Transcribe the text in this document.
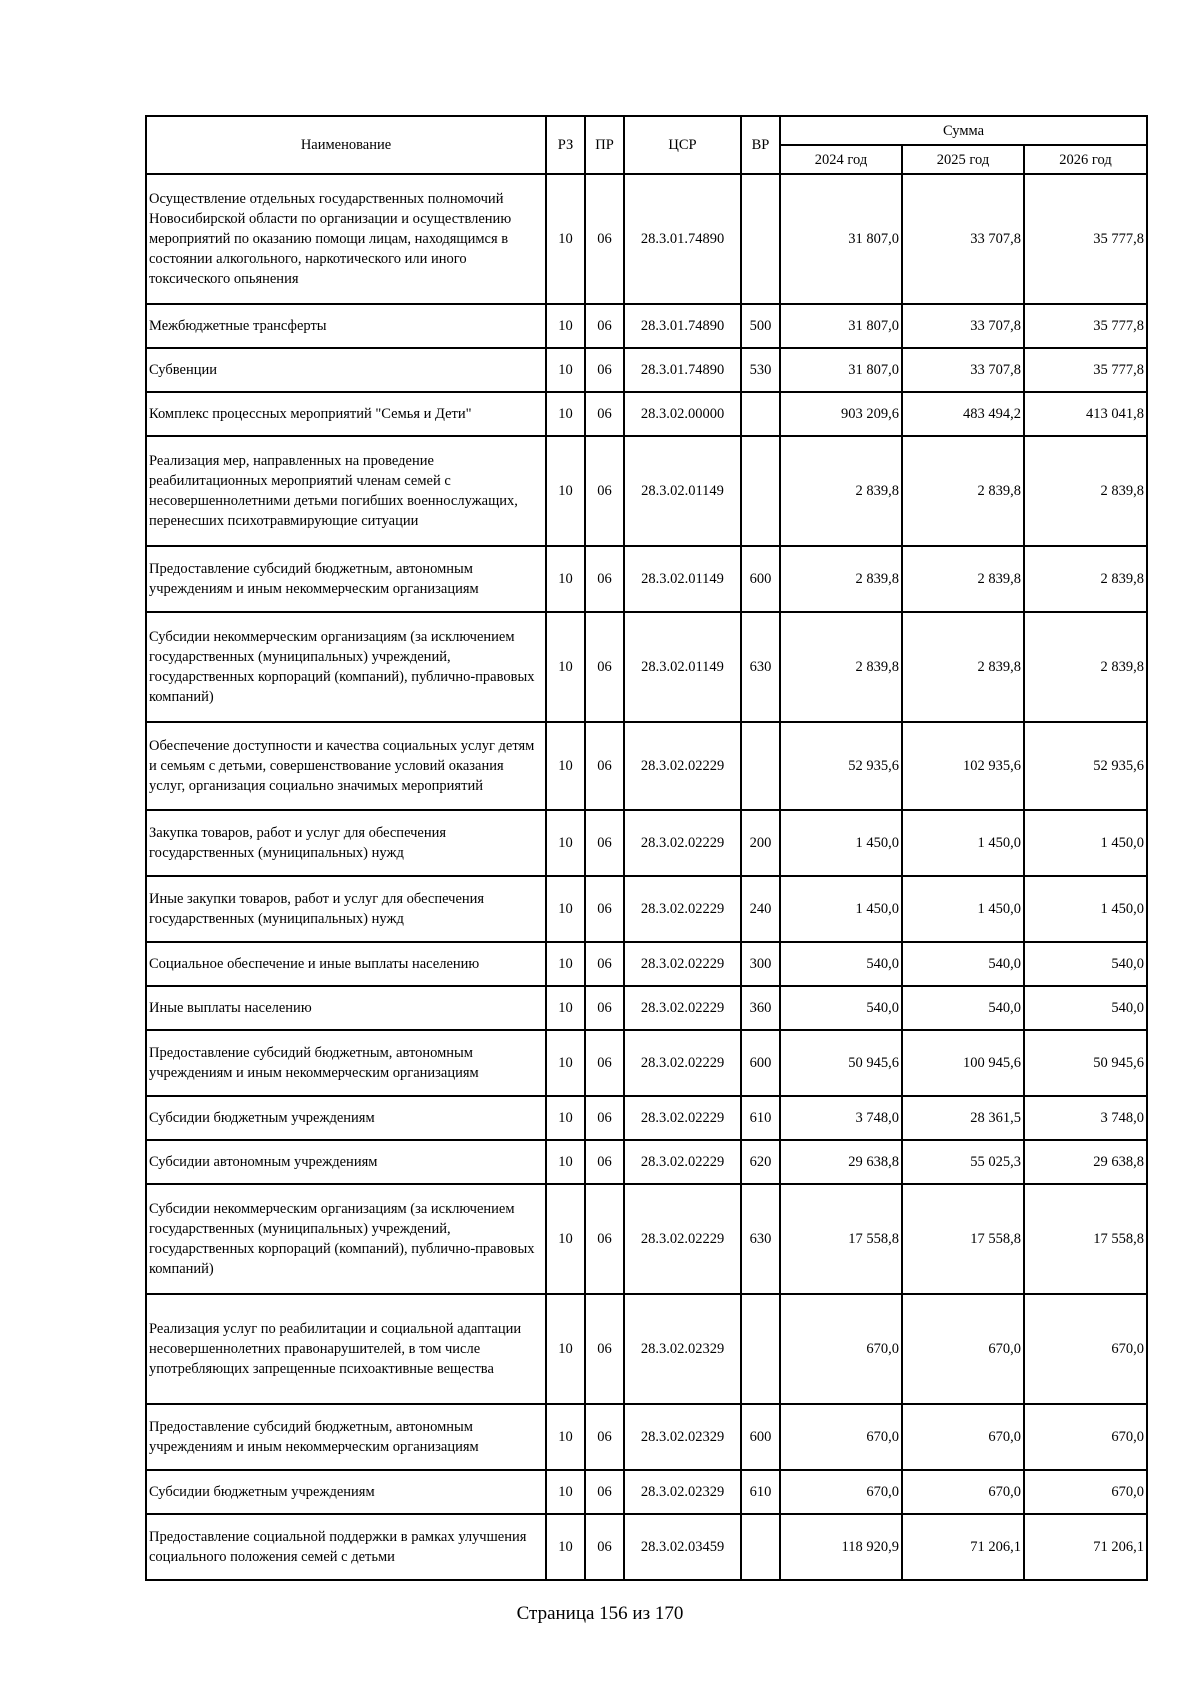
Наименование	РЗ	ПР	ЦСР	ВР	Сумма		
					2024 год	2025 год	2026 год
Осуществление отдельных государственных полномочий Новосибирской области по организации и осуществлению мероприятий по оказанию помощи лицам, находящимся в состоянии алкогольного, наркотического или иного токсического опьянения	10	06	28.3.01.74890		31 807,0	33 707,8	35 777,8
Межбюджетные трансферты	10	06	28.3.01.74890	500	31 807,0	33 707,8	35 777,8
Субвенции	10	06	28.3.01.74890	530	31 807,0	33 707,8	35 777,8
Комплекс процессных мероприятий "Семья и Дети"	10	06	28.3.02.00000		903 209,6	483 494,2	413 041,8
Реализация мер, направленных на проведение реабилитационных мероприятий членам семей с несовершеннолетними детьми погибших военнослужащих, перенесших психотравмирующие ситуации	10	06	28.3.02.01149		2 839,8	2 839,8	2 839,8
Предоставление субсидий бюджетным, автономным учреждениям и иным некоммерческим организациям	10	06	28.3.02.01149	600	2 839,8	2 839,8	2 839,8
Субсидии некоммерческим организациям (за исключением государственных (муниципальных) учреждений, государственных корпораций (компаний), публично-правовых компаний)	10	06	28.3.02.01149	630	2 839,8	2 839,8	2 839,8
Обеспечение доступности и качества социальных услуг детям и семьям с детьми, совершенствование условий оказания услуг, организация социально значимых мероприятий	10	06	28.3.02.02229		52 935,6	102 935,6	52 935,6
Закупка товаров, работ и услуг для обеспечения государственных (муниципальных) нужд	10	06	28.3.02.02229	200	1 450,0	1 450,0	1 450,0
Иные закупки товаров, работ и услуг для обеспечения государственных (муниципальных) нужд	10	06	28.3.02.02229	240	1 450,0	1 450,0	1 450,0
Социальное обеспечение и иные выплаты населению	10	06	28.3.02.02229	300	540,0	540,0	540,0
Иные выплаты населению	10	06	28.3.02.02229	360	540,0	540,0	540,0
Предоставление субсидий бюджетным, автономным учреждениям и иным некоммерческим организациям	10	06	28.3.02.02229	600	50 945,6	100 945,6	50 945,6
Субсидии бюджетным учреждениям	10	06	28.3.02.02229	610	3 748,0	28 361,5	3 748,0
Субсидии автономным учреждениям	10	06	28.3.02.02229	620	29 638,8	55 025,3	29 638,8
Субсидии некоммерческим организациям (за исключением государственных (муниципальных) учреждений, государственных корпораций (компаний), публично-правовых компаний)	10	06	28.3.02.02229	630	17 558,8	17 558,8	17 558,8
Реализация услуг по реабилитации и социальной адаптации несовершеннолетних правонарушителей, в том числе употребляющих запрещенные психоактивные вещества	10	06	28.3.02.02329		670,0	670,0	670,0
Предоставление субсидий бюджетным, автономным учреждениям и иным некоммерческим организациям	10	06	28.3.02.02329	600	670,0	670,0	670,0
Субсидии бюджетным учреждениям	10	06	28.3.02.02329	610	670,0	670,0	670,0
Предоставление социальной поддержки в рамках улучшения социального положения семей с детьми	10	06	28.3.02.03459		118 920,9	71 206,1	71 206,1
Страница 156 из 170
